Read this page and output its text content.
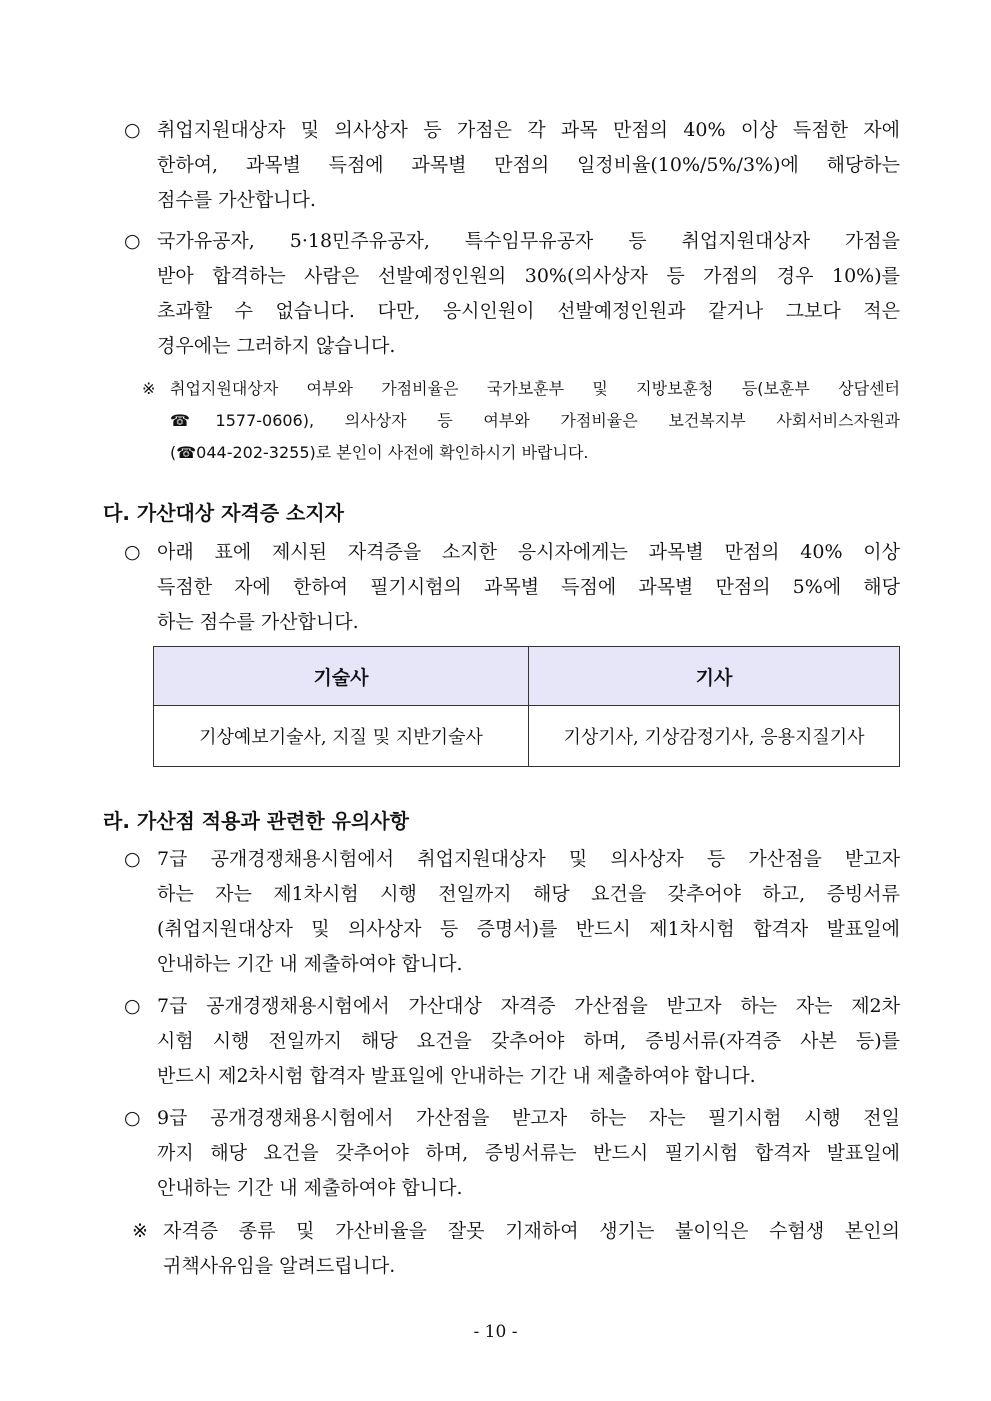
○ 취업지원대상자 및 의사상자 등 가점은 각 과목 만점의 40% 이상 득점한 자에
한하여, 과목별 득점에 과목별 만점의 일정비율(10%/5%/3%)에 해당하는
점수를 가산합니다.
○ 국가유공자, 5·18민주유공자, 특수임무유공자 등 취업지원대상자 가점을
받아 합격하는 사람은 선발예정인원의 30%(의사상자 등 가점의 경우 10%)를
초과할 수 없습니다. 다만, 응시인원이 선발예정인원과 같거나 그보다 적은
경우에는 그러하지 않습니다.
※ 취업지원대상자 여부와 가점비율은 국가보훈부 및 지방보훈청 등(보훈부 상담센터
☎1577-0606), 의사상자 등 여부와 가점비율은 보건복지부 사회서비스자원과
(☎044-202-3255)로 본인이 사전에 확인하시기 바랍니다.
다. 가산대상 자격증 소지자
○ 아래 표에 제시된 자격증을 소지한 응시자에게는 과목별 만점의 40% 이상
득점한 자에 한하여 필기시험의 과목별 득점에 과목별 만점의 5%에 해당
하는 점수를 가산합니다.
기술사	기사
기상예보기술사, 지질 및 지반기술사	기상기사, 기상감정기사, 응용지질기사
라. 가산점 적용과 관련한 유의사항
○ 7급 공개경쟁채용시험에서 취업지원대상자 및 의사상자 등 가산점을 받고자
하는 자는 제1차시험 시행 전일까지 해당 요건을 갖추어야 하고, 증빙서류
(취업지원대상자 및 의사상자 등 증명서)를 반드시 제1차시험 합격자 발표일에
안내하는 기간 내 제출하여야 합니다.
○ 7급 공개경쟁채용시험에서 가산대상 자격증 가산점을 받고자 하는 자는 제2차
시험 시행 전일까지 해당 요건을 갖추어야 하며, 증빙서류(자격증 사본 등)를
반드시 제2차시험 합격자 발표일에 안내하는 기간 내 제출하여야 합니다.
○ 9급 공개경쟁채용시험에서 가산점을 받고자 하는 자는 필기시험 시행 전일
까지 해당 요건을 갖추어야 하며, 증빙서류는 반드시 필기시험 합격자 발표일에
안내하는 기간 내 제출하여야 합니다.
※ 자격증 종류 및 가산비율을 잘못 기재하여 생기는 불이익은 수험생 본인의
귀책사유임을 알려드립니다.
- 10 -
